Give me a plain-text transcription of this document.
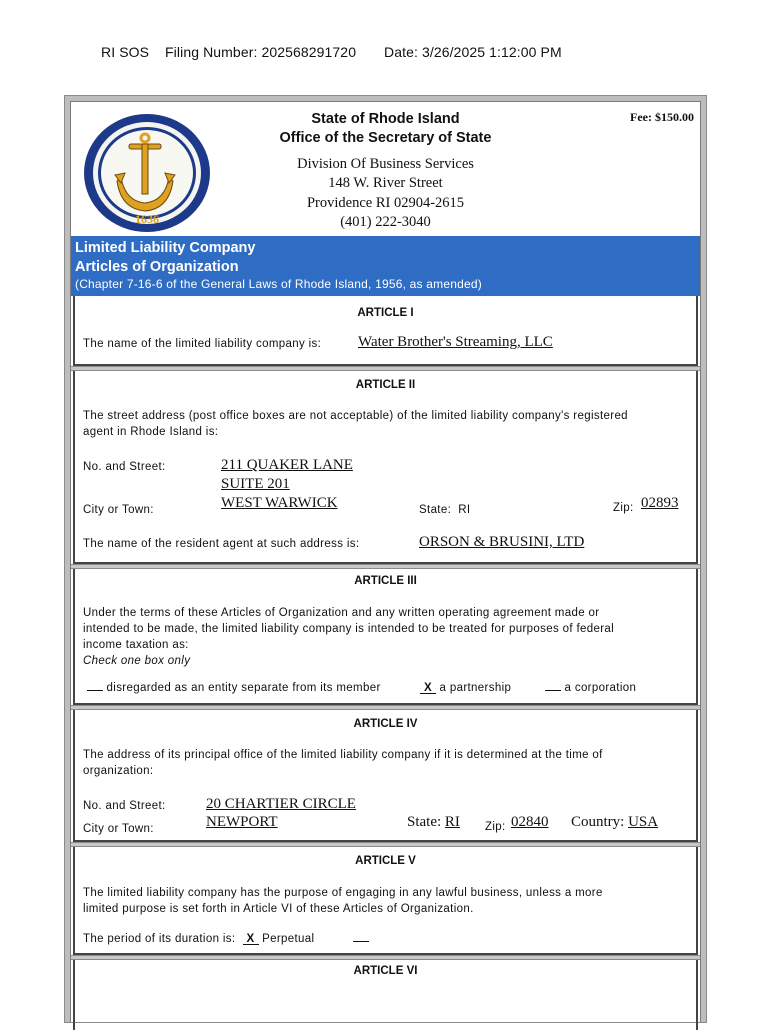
RI SOS Filing Number: 202568291720 Date: 3/26/2025 1:12:00 PM
1636
State of Rhode Island
Office of the Secretary of State
Division Of Business Services
148 W. River Street
Providence RI 02904-2615
(401) 222-3040
Fee: $150.00
Limited Liability Company
Articles of Organization
(Chapter 7-16-6 of the General Laws of Rhode Island, 1956, as amended)
ARTICLE I
The name of the limited liability company is: Water Brother's Streaming, LLC
ARTICLE II
The street address (post office boxes are not acceptable) of the limited liability company's registered
agent in Rhode Island is:
No. and Street:	211 QUAKER LANE
SUITE 201
City or Town:	WEST WARWICK	State: RI	Zip: 02893
The name of the resident agent at such address is:	ORSON & BRUSINI, LTD
ARTICLE III
Under the terms of these Articles of Organization and any written operating agreement made or
intended to be made, the limited liability company is intended to be treated for purposes of federal
income taxation as:
Check one box only
disregarded as an entity separate from its member	X a partnership	a corporation
ARTICLE IV
The address of its principal office of the limited liability company if it is determined at the time of
organization:
No. and Street:	20 CHARTIER CIRCLE
City or Town:	NEWPORT	State: RI Zip: 02840 Country: USA
ARTICLE V
The limited liability company has the purpose of engaging in any lawful business, unless a more
limited purpose is set forth in Article VI of these Articles of Organization.
The period of its duration is: X Perpetual
ARTICLE VI
